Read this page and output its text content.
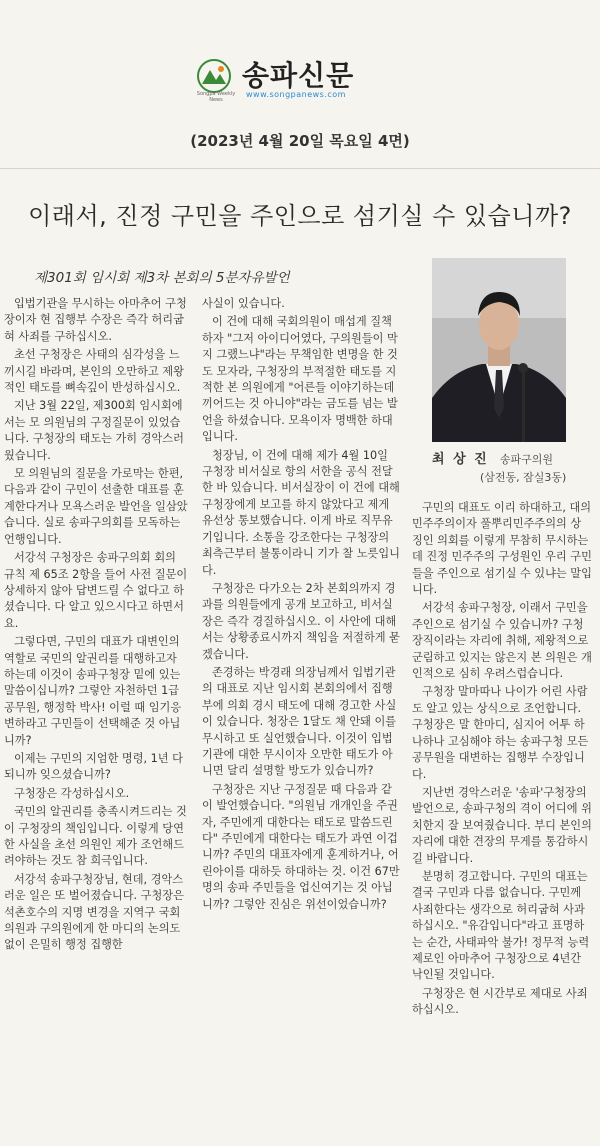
Songpa Weekly News
송파신문
www.songpanews.com
(2023년 4월 20일 목요일 4면)
이래서, 진정 구민을 주인으로 섬기실 수 있습니까?
제301회 임시회 제3차 본회의 5분자유발언
최 상 진 송파구의원
(삼전동, 잠실3동)

입법기관을 무시하는 아마추어 구청장이자 현 집행부 수장은 즉각 허리굽혀 사죄를 구하십시오.

초선 구청장은 사태의 심각성을 느끼시길 바라며, 본인의 오만하고 제왕적인 태도를 뼈속깊이 반성하십시오.

지난 3월 22일, 제300회 임시회에서는 모 의원님의 구정질문이 있었습니다. 구청장의 태도는 가히 경악스러웠습니다.

모 의원님의 질문을 가로막는 한편, 다음과 같이 구민이 선출한 대표를 훈계한다거나 모욕스러운 발언을 일삼았습니다. 실로 송파구의회를 모독하는 언행입니다.

서강석 구청장은 송파구의회 회의 규칙 제 65조 2항을 들어 사전 질문이 상세하지 않아 답변드릴 수 없다고 하셨습니다. 다 알고 있으시다고 하면서요.

그렇다면, 구민의 대표가 대변인의 역할로 국민의 알권리를 대행하고자 하는데 이것이 송파구청장 밑에 있는 말씀이십니까? 그렇안 자천하던 1급 공무원, 행정학 박사! 이럴 때 임기응변하라고 구민들이 선택해준 것 아닙니까?

이제는 구민의 지엄한 명령, 1년 다 되니까 잊으셨습니까?

구청장은 각성하십시오.

국민의 알권리를 충족시켜드리는 것이 구청장의 책임입니다. 이렇게 당연한 사실을 초선 의원인 제가 조언해드려야하는 것도 참 희극입니다.

서강석 송파구청장님, 현데, 경악스러운 일은 또 벌어졌습니다. 구청장은 석촌호수의 지명 변경을 지역구 국회의원과 구의원에게 한 마디의 논의도 없이 은밀히 행정 집행한

사실이 있습니다.

이 건에 대해 국회의원이 매섭게 질책하자 "그저 아이디어였다, 구의원들이 막지 그랬느냐"라는 무책임한 변명을 한 것도 모자라, 구청장의 부적절한 태도를 지적한 본 의원에게 "어른들 이야기하는데 끼어드는 것 아니야"라는 금도를 넘는 발언을 하셨습니다. 모욕이자 명백한 하대입니다.

청장님, 이 건에 대해 제가 4월 10일 구청장 비서실로 항의 서한을 공식 전달한 바 있습니다. 비서실장이 이 건에 대해 구청장에게 보고를 하지 않았다고 제게 유선상 통보했습니다. 이게 바로 직무유기입니다. 소통을 강조한다는 구청장의 최측근부터 불통이라니 기가 찰 노릇입니다.

구청장은 다가오는 2차 본회의까지 경과를 의원들에게 공개 보고하고, 비서실장은 즉각 경질하십시오. 이 사안에 대해서는 상황종료시까지 책임을 저절하게 묻겠습니다.

존경하는 박경래 의장님께서 입법기관의 대표로 지난 임시회 본회의에서 집행부에 의회 경시 태도에 대해 경고한 사실이 있습니다. 청장은 1달도 채 안돼 이를 무시하고 또 실언했습니다. 이것이 입법기관에 대한 무시이자 오만한 태도가 아니면 달리 설명할 방도가 있습니까?

구청장은 지난 구정질문 때 다음과 같이 발언했습니다. "의원님 개개인을 주권자, 주민에게 대한다는 태도로 말씀드린다" 주민에게 대한다는 태도가 과연 이겁니까? 주민의 대표자에게 훈계하거나, 어린아이를 대하듯 하대하는 것. 이건 67만명의 송파 주민들을 업신여기는 것 아닙니까? 그렇안 진심은 위선이었습니까?

구민의 대표도 이리 하대하고, 대의민주주의이자 풀뿌리민주주의의 상징인 의회를 이렇게 무참히 무시하는데 진정 민주주의 구성원인 우리 구민들을 주인으로 섬기실 수 있냐는 말입니다.

서강석 송파구청장, 이래서 구민을 주인으로 섬기실 수 있습니까? 구청장직이라는 자리에 취해, 제왕적으로 군림하고 있지는 않은지 본 의원은 개인적으로 심히 우려스럽습니다.

구청장 말마따나 나이가 어린 사람도 알고 있는 상식으로 조언합니다. 구청장은 말 한마디, 심지어 어투 하나하나 고심해야 하는 송파구청 모든 공무원을 대변하는 집행부 수장입니다.

지난번 경악스러운 '송파'구청장의 발언으로, 송파구청의 격이 어디에 위치한지 잘 보여줬습니다. 부디 본인의 자리에 대한 견장의 무게를 통감하시길 바랍니다.

분명히 경고합니다. 구민의 대표는 결국 구민과 다름 없습니다. 구민께 사죄한다는 생각으로 허리굽혀 사과하십시오. "유감입니다"라고 표명하는 순간, 사태파악 불가! 정무적 능력 제로인 아마추어 구청장으로 4년간 낙인될 것입니다.

구청장은 현 시간부로 제대로 사죄하십시오.
